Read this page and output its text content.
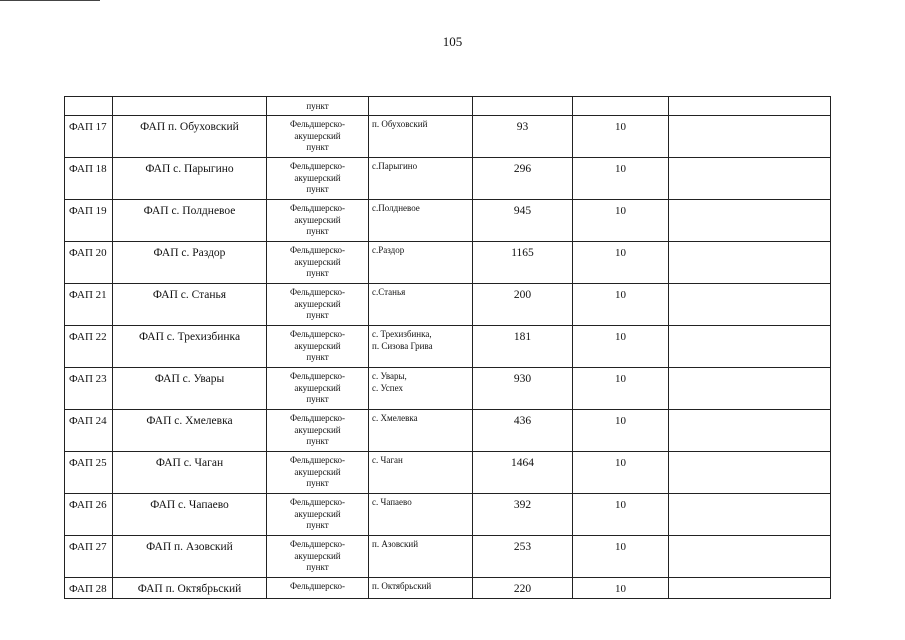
105

		пункт				

ФАП 17	ФАП п. Обуховский	Фельдшерско-
акушерский
пункт	п. Обуховский	93	10	

ФАП 18	ФАП с. Парыгино	Фельдшерско-
акушерский
пункт	с.Парыгино	296	10	

ФАП 19	ФАП с. Полдневое	Фельдшерско-
акушерский
пункт	с.Полдневое	945	10	

ФАП 20	ФАП с. Раздор	Фельдшерско-
акушерский
пункт	с.Раздор	1165	10	

ФАП 21	ФАП с. Станья	Фельдшерско-
акушерский
пункт	с.Станья	200	10	

ФАП 22	ФАП с. Трехизбинка	Фельдшерско-
акушерский
пункт	с. Трехизбинка,
п. Сизова Грива	181	10	

ФАП 23	ФАП с. Увары	Фельдшерско-
акушерский
пункт	с. Увары,
с. Успех	930	10	

ФАП 24	ФАП с. Хмелевка	Фельдшерско-
акушерский
пункт	с. Хмелевка	436	10	

ФАП 25	ФАП с. Чаган	Фельдшерско-
акушерский
пункт	с. Чаган	1464	10	

ФАП 26	ФАП с. Чапаево	Фельдшерско-
акушерский
пункт	с. Чапаево	392	10	

ФАП 27	ФАП п. Азовский	Фельдшерско-
акушерский
пункт	п. Азовский	253	10	

ФАП 28	ФАП п. Октябрьский	Фельдшерско-	п. Октябрьский	220	10	
